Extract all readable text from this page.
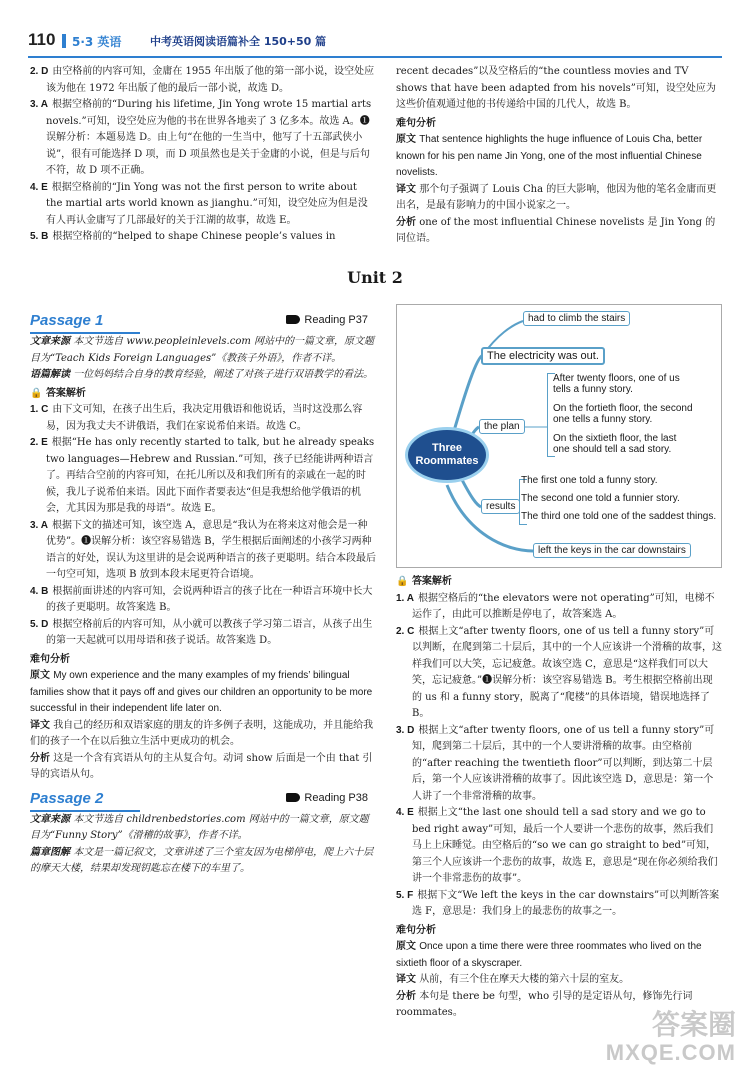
110 5·3 英语	中考英语阅读语篇补全 150+50 篇

2. D 由空格前的内容可知，金庸在 1955 年出版了他的第一部小说，设空处应该为他在 1972 年出版了他的最后一部小说，故选 D。

3. A 根据空格前的“During his lifetime, Jin Yong wrote 15 martial arts novels.”可知，设空处应为他的书在世界各地卖了 3 亿多本。故选 A。❶误解分析：本题易选 D。由上句“在他的一生当中，他写了十五部武侠小说”，很有可能选择 D 项，而 D 项虽然也是关于金庸的小说，但是与后句不符，故 D 项不正确。

4. E 根据空格前的“Jin Yong was not the first person to write about the martial arts world known as jianghu.”可知，设空处应为但是没有人再认金庸写了几部最好的关于江湖的故事，故选 E。

5. B 根据空格前的“helped to shape Chinese people’s values in

recent decades”以及空格后的“the countless movies and TV shows that have been adapted from his novels”可知，设空处应为这些价值观通过他的书传递给中国的几代人，故选 B。

难句分析

原文 That sentence highlights the huge influence of Louis Cha, better known for his pen name Jin Yong, one of the most influential Chinese novelists.

译文 那个句子强调了 Louis Cha 的巨大影响，他因为他的笔名金庸而更出名，是最有影响力的中国小说家之一。

分析 one of the most influential Chinese novelists 是 Jin Yong 的同位语。

Unit 2
Passage 1	Reading P37

文章来源 本文节选自 www.peopleinlevels.com 网站中的一篇文章，原文题目为“Teach Kids Foreign Languages”《教孩子外语》，作者不详。

语篇解读 一位妈妈结合自身的教育经验，阐述了对孩子进行双语教学的看法。

🔒 答案解析

1. C 由下文可知，在孩子出生后，我决定用俄语和他说话，当时这没那么容易，因为我丈夫不讲俄语，我们在家说希伯来语。故选 C。

2. E 根据“He has only recently started to talk, but he already speaks two languages—Hebrew and Russian.”可知，孩子已经能讲两种语言了。再结合空前的内容可知，在托儿所以及和我们所有的亲戚在一起的时候，我儿子说希伯来语。因此下面作者要表达“但是我想给他学俄语的机会，尤其因为那是我的母语”。故选 E。

3. A 根据下文的描述可知，该空选 A，意思是“我认为在将来这对他会是一种优势”。❶误解分析：该空容易错选 B，学生根据后面阐述的小孩学习两种语言的好处，误认为这里讲的是会说两种语言的孩子更聪明。结合本段最后一句空可知，选项 B 放到本段末尾更符合语境。

4. B 根据前面讲述的内容可知，会说两种语言的孩子比在一种语言环境中长大的孩子更聪明。故答案选 B。

5. D 根据空格前后的内容可知，从小就可以教孩子学习第二语言，从孩子出生的第一天起就可以用母语和孩子说话。故答案选 D。

难句分析

原文 My own experience and the many examples of my friends’ bilingual families show that it pays off and gives our children an opportunity to be more successful in their independent life later on.

译文 我自己的经历和双语家庭的朋友的许多例子表明，这能成功，并且能给我们的孩子一个在以后独立生活中更成功的机会。

分析 这是一个含有宾语从句的主从复合句。动词 show 后面是一个由 that 引导的宾语从句。

Passage 2	Reading P38

文章来源 本文节选自 childrenbedstories.com 网站中的一篇文章，原文题目为“Funny Story”《滑稽的故事》，作者不详。

篇章图解 本文是一篇记叙文，文章讲述了三个室友因为电梯停电，爬上六十层的摩天大楼，结果却发现钥匙忘在楼下的车里了。

had to climb the stairs
The electricity was out.
the plan
After twenty floors, one of us
tells a funny story.
On the fortieth floor, the second
one tells a funny story.
On the sixtieth floor, the last
one should tell a sad story.
Three
Roommates
results
The first one told a funny story.
The second one told a funnier story.
The third one told one of the saddest things.
left the keys in the car downstairs

🔒 答案解析

1. A 根据空格后的“the elevators were not operating”可知，电梯不运作了，由此可以推断是停电了，故答案选 A。

2. C 根据上文“after twenty floors, one of us tell a funny story”可以判断，在爬到第二十层后，其中的一个人应该讲一个滑稽的故事，这样我们可以大笑，忘记疲惫。故该空选 C，意思是“这样我们可以大笑，忘记疲惫。”❶误解分析：该空容易错选 B。考生根据空格前出现的 us 和 a funny story，脱离了“爬楼”的具体语境，错误地选择了 B。

3. D 根据上文“after twenty floors, one of us tell a funny story”可知，爬到第二十层后，其中的一个人要讲滑稽的故事。由空格前的“after reaching the twentieth floor”可以判断，到达第二十层后，第一个人应该讲滑稽的故事了。因此该空选 D，意思是：第一个人讲了一个非常滑稽的故事。

4. E 根据上文“the last one should tell a sad story and we go to bed right away”可知，最后一个人要讲一个悲伤的故事，然后我们马上上床睡觉。由空格后的“so we can go straight to bed”可知，第三个人应该讲一个悲伤的故事，故选 E，意思是“现在你必须给我们讲一个非常悲伤的故事”。

5. F 根据下文“We left the keys in the car downstairs”可以判断答案选 F，意思是：我们身上的最悲伤的故事之一。

难句分析

原文 Once upon a time there were three roommates who lived on the sixtieth floor of a skyscraper.

译文 从前，有三个住在摩天大楼的第六十层的室友。

分析 本句是 there be 句型，who 引导的是定语从句，修饰先行词 roommates。	答案圈
MXQE.COM
